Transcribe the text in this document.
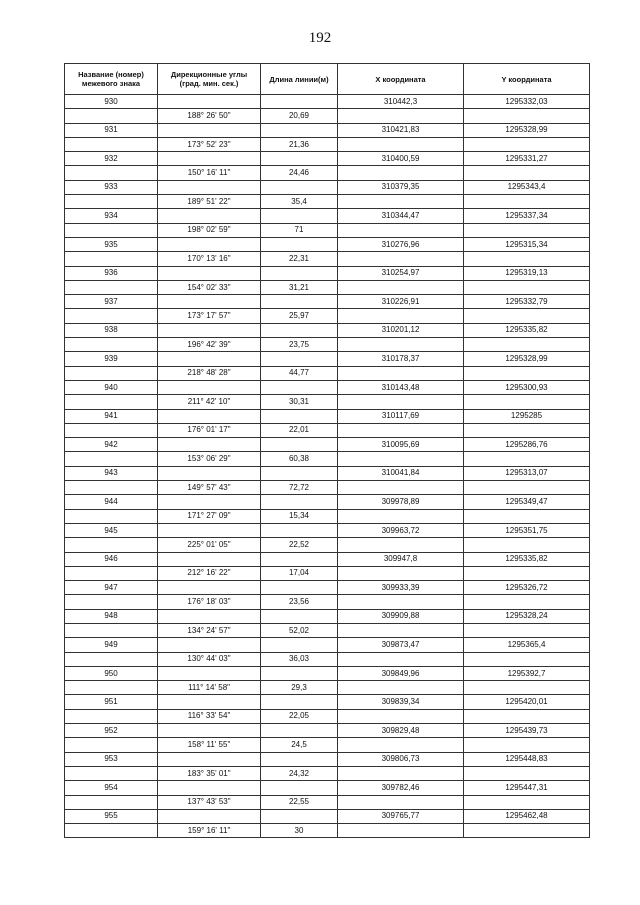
192
Название (номер) межевого знака	Дирекционные углы (град. мин. сек.)	Длина линии(м)	X координата	Y координата
930			310442,3	1295332,03
	188° 26' 50"	20,69		
931			310421,83	1295328,99
	173° 52' 23"	21,36		
932			310400,59	1295331,27
	150° 16' 11"	24,46		
933			310379,35	1295343,4
	189° 51' 22"	35,4		
934			310344,47	1295337,34
	198° 02' 59"	71		
935			310276,96	1295315,34
	170° 13' 16"	22,31		
936			310254,97	1295319,13
	154° 02' 33"	31,21		
937			310226,91	1295332,79
	173° 17' 57"	25,97		
938			310201,12	1295335,82
	196° 42' 39"	23,75		
939			310178,37	1295328,99
	218° 48' 28"	44,77		
940			310143,48	1295300,93
	211° 42' 10"	30,31		
941			310117,69	1295285
	176° 01' 17"	22,01		
942			310095,69	1295286,76
	153° 06' 29"	60,38		
943			310041,84	1295313,07
	149° 57' 43"	72,72		
944			309978,89	1295349,47
	171° 27' 09"	15,34		
945			309963,72	1295351,75
	225° 01' 05"	22,52		
946			309947,8	1295335,82
	212° 16' 22"	17,04		
947			309933,39	1295326,72
	176° 18' 03"	23,56		
948			309909,88	1295328,24
	134° 24' 57"	52,02		
949			309873,47	1295365,4
	130° 44' 03"	36,03		
950			309849,96	1295392,7
	111° 14' 58"	29,3		
951			309839,34	1295420,01
	116° 33' 54"	22,05		
952			309829,48	1295439,73
	158° 11' 55"	24,5		
953			309806,73	1295448,83
	183° 35' 01"	24,32		
954			309782,46	1295447,31
	137° 43' 53"	22,55		
955			309765,77	1295462,48
	159° 16' 11"	30		
